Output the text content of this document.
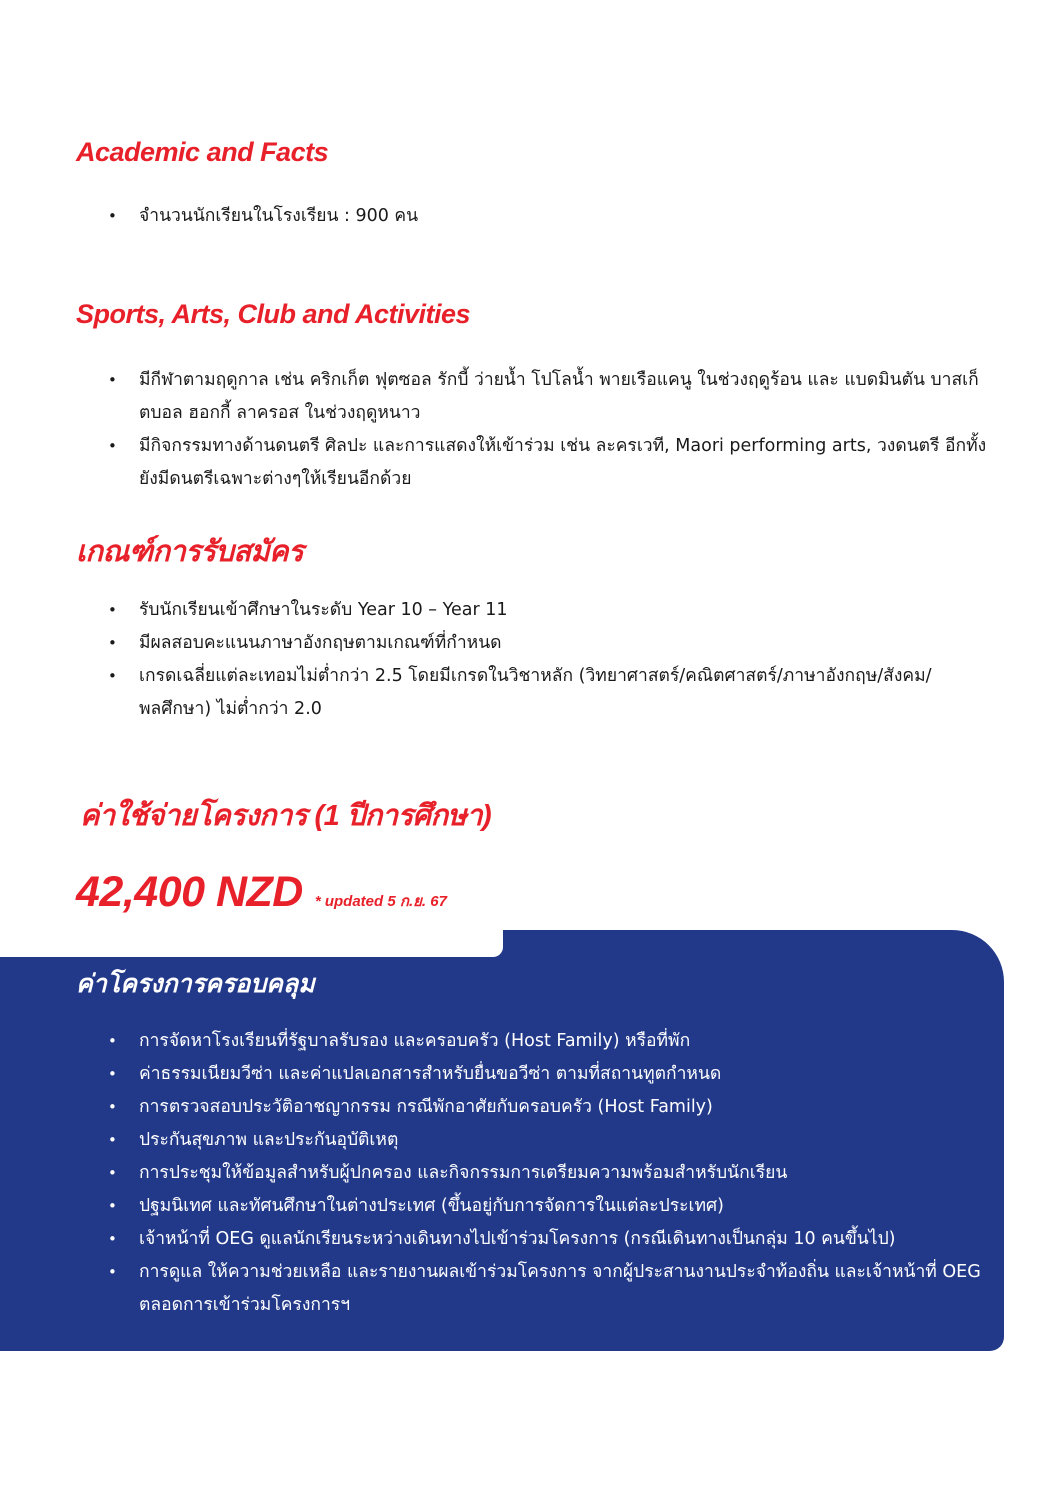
Academic and Facts
• จำนวนนักเรียนในโรงเรียน : 900 คน
Sports, Arts, Club and Activities
• มีกีฬาตามฤดูกาล เช่น คริกเก็ต ฟุตซอล รักบี้ ว่ายน้ำ โปโลน้ำ พายเรือแคนู ในช่วงฤดูร้อน และ แบดมินตัน บาสเก็ตบอล ฮอกกี้ ลาครอส ในช่วงฤดูหนาว
• มีกิจกรรมทางด้านดนตรี ศิลปะ และการแสดงให้เข้าร่วม เช่น ละครเวที, Maori performing arts, วงดนตรี อีกทั้งยังมีดนตรีเฉพาะต่างๆให้เรียนอีกด้วย
เกณฑ์การรับสมัคร
• รับนักเรียนเข้าศึกษาในระดับ Year 10 – Year 11
• มีผลสอบคะแนนภาษาอังกฤษตามเกณฑ์ที่กำหนด
• เกรดเฉลี่ยแต่ละเทอมไม่ต่ำกว่า 2.5 โดยมีเกรดในวิชาหลัก (วิทยาศาสตร์/คณิตศาสตร์/ภาษาอังกฤษ/สังคม/พลศึกษา) ไม่ต่ำกว่า 2.0
ค่าใช้จ่ายโครงการ (1 ปีการศึกษา)
42,400 NZD * updated 5 ก.ย. 67
ค่าโครงการครอบคลุม
• การจัดหาโรงเรียนที่รัฐบาลรับรอง และครอบครัว (Host Family) หรือที่พัก
• ค่าธรรมเนียมวีซ่า และค่าแปลเอกสารสำหรับยื่นขอวีซ่า ตามที่สถานทูตกำหนด
• การตรวจสอบประวัติอาชญากรรม กรณีพักอาศัยกับครอบครัว (Host Family)
• ประกันสุขภาพ และประกันอุบัติเหตุ
• การประชุมให้ข้อมูลสำหรับผู้ปกครอง และกิจกรรมการเตรียมความพร้อมสำหรับนักเรียน
• ปฐมนิเทศ และทัศนศึกษาในต่างประเทศ (ขึ้นอยู่กับการจัดการในแต่ละประเทศ)
• เจ้าหน้าที่ OEG ดูแลนักเรียนระหว่างเดินทางไปเข้าร่วมโครงการ (กรณีเดินทางเป็นกลุ่ม 10 คนขึ้นไป)
• การดูแล ให้ความช่วยเหลือ และรายงานผลเข้าร่วมโครงการ จากผู้ประสานงานประจำท้องถิ่น และเจ้าหน้าที่ OEG ตลอดการเข้าร่วมโครงการฯ
